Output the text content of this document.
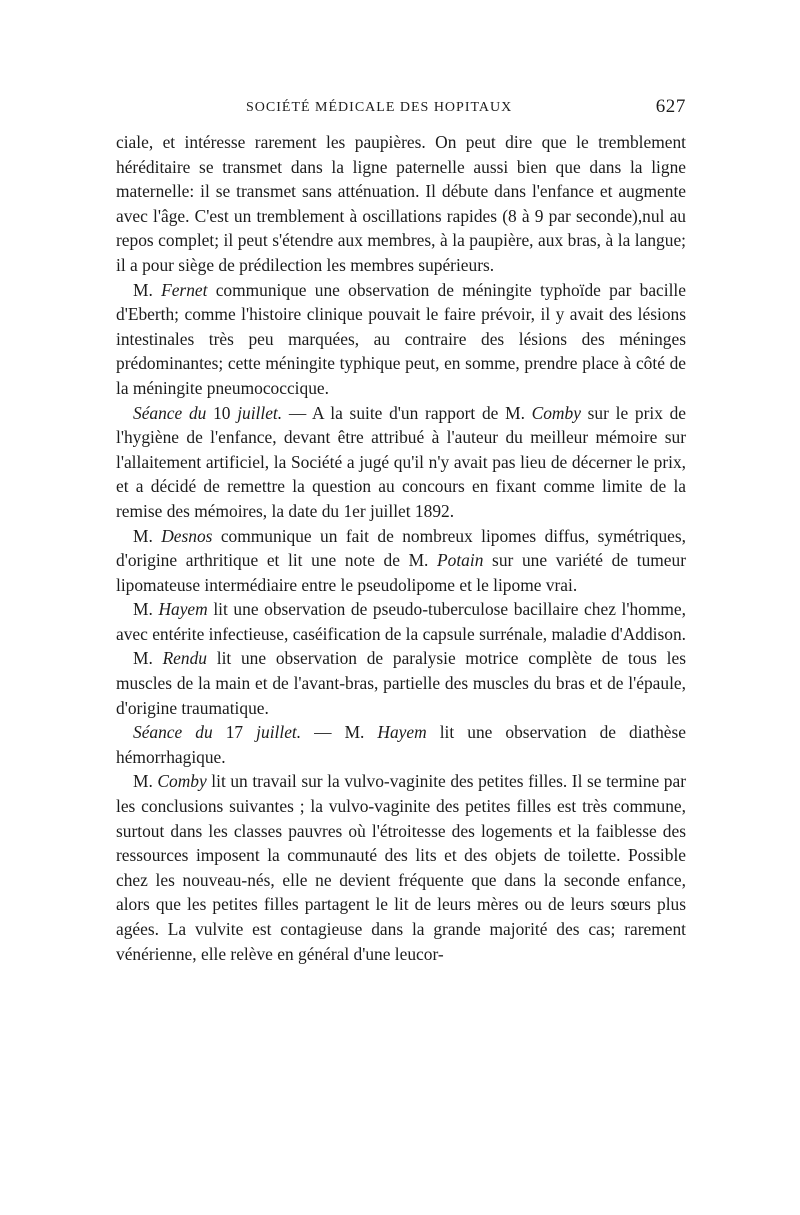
SOCIÉTÉ MÉDICALE DES HOPITAUX	627

ciale, et intéresse rarement les paupières. On peut dire que le tremblement héréditaire se transmet dans la ligne paternelle aussi bien que dans la ligne maternelle: il se transmet sans atténuation. Il débute dans l'enfance et augmente avec l'âge. C'est un tremblement à oscillations rapides (8 à 9 par seconde),nul au repos complet; il peut s'étendre aux membres, à la paupière, aux bras, à la langue; il a pour siège de prédilection les membres supérieurs.

M. Fernet communique une observation de méningite typhoïde par bacille d'Eberth; comme l'histoire clinique pouvait le faire prévoir, il y avait des lésions intestinales très peu marquées, au contraire des lésions des méninges prédominantes; cette méningite typhique peut, en somme, prendre place à côté de la méningite pneumococcique.

Séance du 10 juillet. — A la suite d'un rapport de M. Comby sur le prix de l'hygiène de l'enfance, devant être attribué à l'auteur du meilleur mémoire sur l'allaitement artificiel, la Société a jugé qu'il n'y avait pas lieu de décerner le prix, et a décidé de remettre la question au concours en fixant comme limite de la remise des mémoires, la date du 1er juillet 1892.

M. Desnos communique un fait de nombreux lipomes diffus, symétriques, d'origine arthritique et lit une note de M. Potain sur une variété de tumeur lipomateuse intermédiaire entre le pseudolipome et le lipome vrai.

M. Hayem lit une observation de pseudo-tuberculose bacillaire chez l'homme, avec entérite infectieuse, caséification de la capsule surrénale, maladie d'Addison.

M. Rendu lit une observation de paralysie motrice complète de tous les muscles de la main et de l'avant-bras, partielle des muscles du bras et de l'épaule, d'origine traumatique.

Séance du 17 juillet. — M. Hayem lit une observation de diathèse hémorrhagique.

M. Comby lit un travail sur la vulvo-vaginite des petites filles. Il se termine par les conclusions suivantes ; la vulvo-vaginite des petites filles est très commune, surtout dans les classes pauvres où l'étroitesse des logements et la faiblesse des ressources imposent la communauté des lits et des objets de toilette. Possible chez les nouveau-nés, elle ne devient fréquente que dans la seconde enfance, alors que les petites filles partagent le lit de leurs mères ou de leurs sœurs plus agées. La vulvite est contagieuse dans la grande majorité des cas; rarement vénérienne, elle relève en général d'une leucor-
